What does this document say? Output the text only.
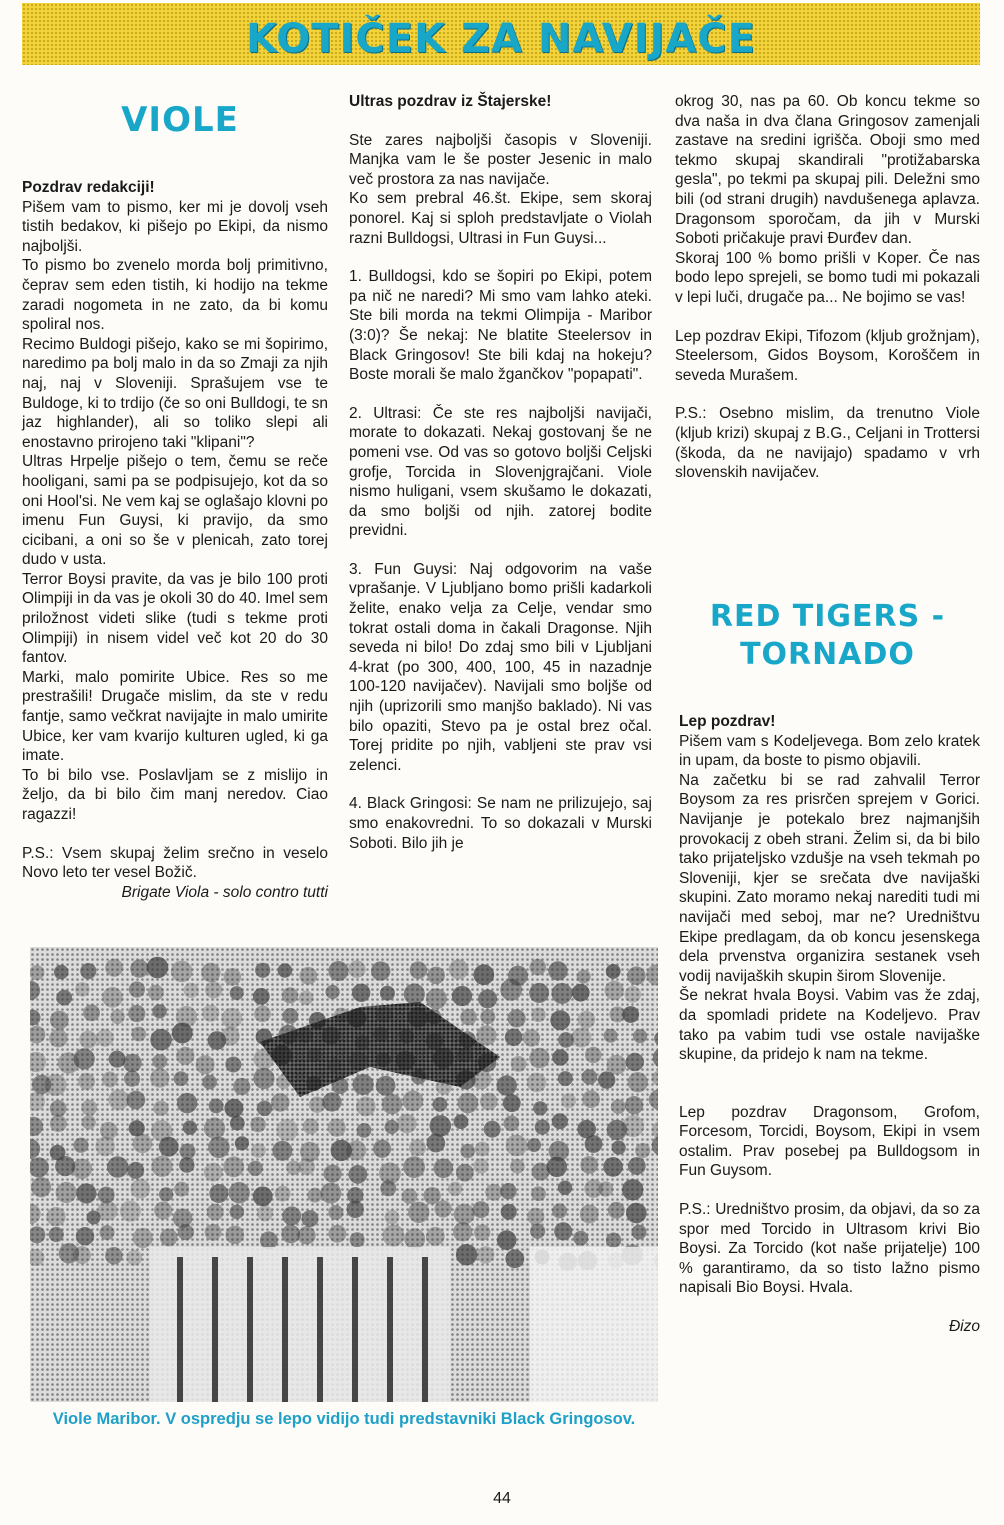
KOTIČEK ZA NAVIJAČE
VIOLE

Pozdrav redakciji!

Pišem vam to pismo, ker mi je dovolj vseh tistih bedakov, ki pišejo po Ekipi, da nismo najboljši.

To pismo bo zvenelo morda bolj primitivno, čeprav sem eden tistih, ki hodijo na tekme zaradi nogometa in ne zato, da bi komu spoliral nos.

Recimo Buldogi pišejo, kako se mi šopirimo, naredimo pa bolj malo in da so Zmaji za njih naj, naj v Sloveniji. Sprašujem vse te Buldoge, ki to trdijo (če so oni Bulldogi, te sn jaz highlander), ali so toliko slepi ali enostavno prirojeno taki "klipani"?

Ultras Hrpelje pišejo o tem, čemu se reče hooligani, sami pa se podpisujejo, kot da so oni Hool'si. Ne vem kaj se oglašajo klovni po imenu Fun Guysi, ki pravijo, da smo cicibani, a oni so še v plenicah, zato torej dudo v usta.

Terror Boysi pravite, da vas je bilo 100 proti Olimpiji in da vas je okoli 30 do 40. Imel sem priložnost videti slike (tudi s tekme proti Olimpiji) in nisem videl več kot 20 do 30 fantov.

Marki, malo pomirite Ubice. Res so me prestrašili! Drugače mislim, da ste v redu fantje, samo večkrat navijajte in malo umirite Ubice, ker vam kvarijo kulturen ugled, ki ga imate.

To bi bilo vse. Poslavljam se z mislijo in željo, da bi bilo čim manj neredov. Ciao ragazzi!

P.S.: Vsem skupaj želim srečno in veselo Novo leto ter vesel Božič.

Brigate Viola - solo contro tutti

Ultras pozdrav iz Štajerske!

Ste zares najboljši časopis v Sloveniji. Manjka vam le še poster Jesenic in malo več prostora za nas navijače.

Ko sem prebral 46.št. Ekipe, sem skoraj ponorel. Kaj si sploh predstavljate o Violah razni Bulldogsi, Ultrasi in Fun Guysi...

1. Bulldogsi, kdo se šopiri po Ekipi, potem pa nič ne naredi? Mi smo vam lahko ateki. Ste bili morda na tekmi Olimpija - Maribor (3:0)? Še nekaj: Ne blatite Steelersov in Black Gringosov! Ste bili kdaj na hokeju? Boste morali še malo žgančkov "popapati".

2. Ultrasi: Če ste res najboljši navijači, morate to dokazati. Nekaj gostovanj še ne pomeni vse. Od vas so gotovo boljši Celjski grofje, Torcida in Slovenjgrajčani. Viole nismo huligani, vsem skušamo le dokazati, da smo boljši od njih. zatorej bodite previdni.

3. Fun Guysi: Naj odgovorim na vaše vprašanje. V Ljubljano bomo prišli kadarkoli želite, enako velja za Celje, vendar smo tokrat ostali doma in čakali Dragonse. Njih seveda ni bilo! Do zdaj smo bili v Ljubljani 4-krat (po 300, 400, 100, 45 in nazadnje 100-120 navijačev). Navijali smo boljše od njih (uprizorili smo manjšo baklado). Ni vas bilo opaziti, Stevo pa je ostal brez očal. Torej pridite po njih, vabljeni ste prav vsi zelenci.

4. Black Gringosi: Se nam ne prilizujejo, saj smo enakovredni. To so dokazali v Murski Soboti. Bilo jih je

okrog 30, nas pa 60. Ob koncu tekme so dva naša in dva člana Gringosov zamenjali zastave na sredini igrišča. Oboji smo med tekmo skupaj skandirali "protižabarska gesla", po tekmi pa skupaj pili. Deležni smo bili (od strani drugih) navdušenega aplavza. Dragonsom sporočam, da jih v Murski Soboti pričakuje pravi Đurđev dan.

Skoraj 100 % bomo prišli v Koper. Če nas bodo lepo sprejeli, se bomo tudi mi pokazali v lepi luči, drugače pa... Ne bojimo se vas!

Lep pozdrav Ekipi, Tifozom (kljub grožnjam), Steelersom, Gidos Boysom, Koroščem in seveda Murašem.

P.S.: Osebno mislim, da trenutno Viole (kljub krizi) skupaj z B.G., Celjani in Trottersi (škoda, da ne navijajo) spadamo v vrh slovenskih navijačev.

RED TIGERS -
TORNADO

Lep pozdrav!

Pišem vam s Kodeljevega. Bom zelo kratek in upam, da boste to pismo objavili.

Na začetku bi se rad zahvalil Terror Boysom za res prisrčen sprejem v Gorici. Navijanje je potekalo brez najmanjših provokacij z obeh strani. Želim si, da bi bilo tako prijateljsko vzdušje na vseh tekmah po Sloveniji, kjer se srečata dve navijaški skupini. Zato moramo nekaj narediti tudi mi navijači med seboj, mar ne? Uredništvu Ekipe predlagam, da ob koncu jesenskega dela prvenstva organizira sestanek vseh vodij navijaških skupin širom Slovenije.

Še nekrat hvala Boysi. Vabim vas že zdaj, da spomladi pridete na Kodeljevo. Prav tako pa vabim tudi vse ostale navijaške skupine, da pridejo k nam na tekme.

Lep pozdrav Dragonsom, Grofom, Forcesom, Torcidi, Boysom, Ekipi in vsem ostalim. Prav posebej pa Bulldogsom in Fun Guysom.

P.S.: Uredništvo prosim, da objavi, da so za spor med Torcido in Ultrasom krivi Bio Boysi. Za Torcido (kot naše prijatelje) 100 % garantiramo, da so tisto lažno pismo napisali Bio Boysi. Hvala.

Đizo

Viole Maribor. V ospredju se lepo vidijo tudi predstavniki Black Gringosov.
44
